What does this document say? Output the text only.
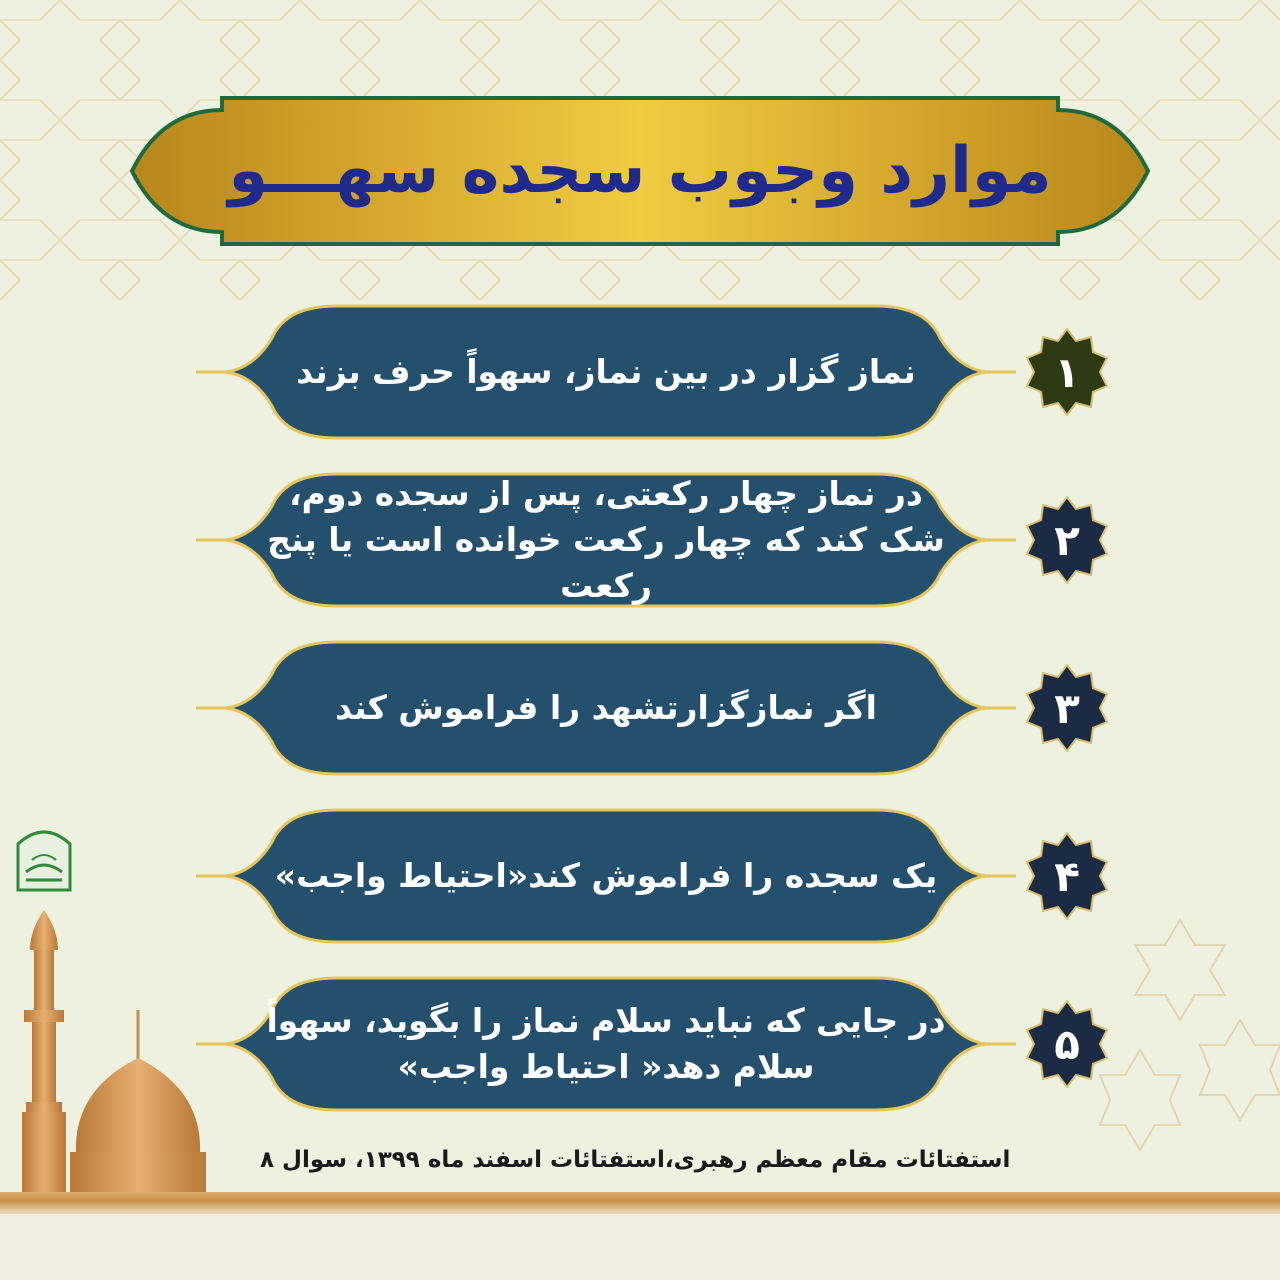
موارد وجوب سجده سهـــو
نماز گزار در بین نماز، سهواً حرف بزند	۱
در نماز چهار رکعتی، پس از سجده دوم، شک کند که چهار رکعت خوانده است یا پنج رکعت
۲
اگر نمازگزارتشهد را فراموش کند	۳
یک سجده را فراموش کند«احتیاط واجب»	۴
در جایی که نباید سلام نماز را بگوید، سهواً سلام دهد« احتیاط واجب»	۵
استفتائات مقام معظم رهبری،استفتائات اسفند ماه ۱۳۹۹، سوال ۸
